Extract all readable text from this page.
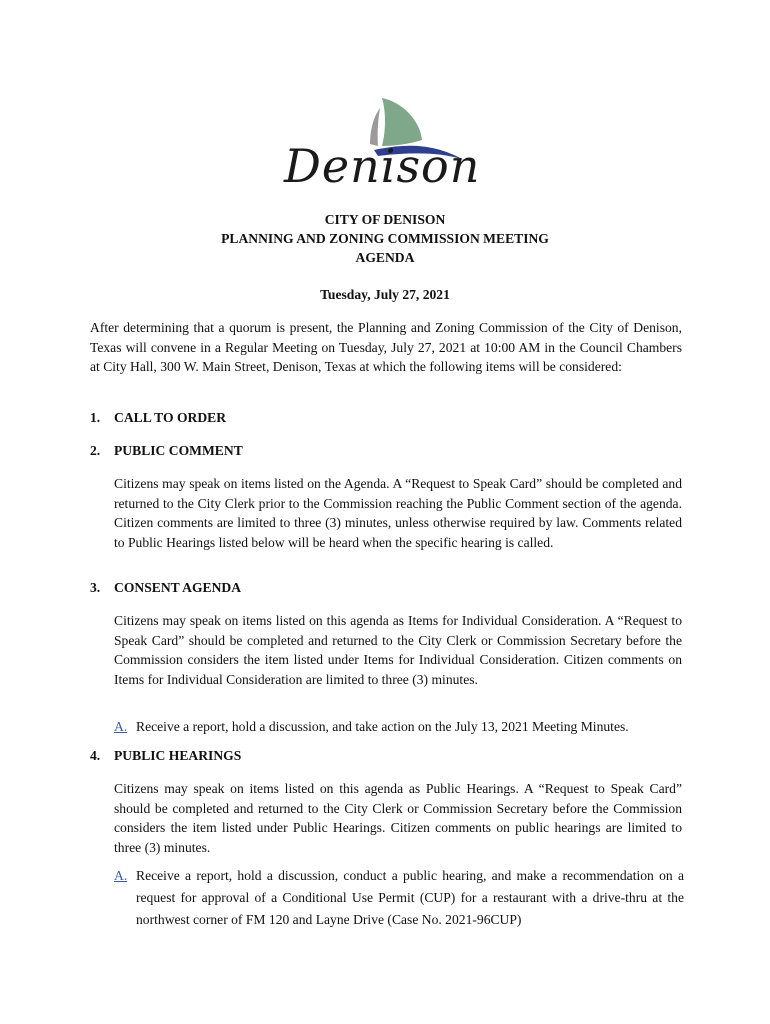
Denison
CITY OF DENISON
PLANNING AND ZONING COMMISSION MEETING
AGENDA
Tuesday, July 27, 2021
After determining that a quorum is present, the Planning and Zoning Commission of the City of Denison, Texas will convene in a Regular Meeting on Tuesday, July 27, 2021 at 10:00 AM in the Council Chambers at City Hall, 300 W. Main Street, Denison, Texas at which the following items will be considered:
1. CALL TO ORDER
2. PUBLIC COMMENT
Citizens may speak on items listed on the Agenda. A “Request to Speak Card” should be completed and returned to the City Clerk prior to the Commission reaching the Public Comment section of the agenda. Citizen comments are limited to three (3) minutes, unless otherwise required by law. Comments related to Public Hearings listed below will be heard when the specific hearing is called.
3. CONSENT AGENDA
Citizens may speak on items listed on this agenda as Items for Individual Consideration. A “Request to Speak Card” should be completed and returned to the City Clerk or Commission Secretary before the Commission considers the item listed under Items for Individual Consideration. Citizen comments on Items for Individual Consideration are limited to three (3) minutes.
A. Receive a report, hold a discussion, and take action on the July 13, 2021 Meeting Minutes.
4. PUBLIC HEARINGS
Citizens may speak on items listed on this agenda as Public Hearings. A “Request to Speak Card” should be completed and returned to the City Clerk or Commission Secretary before the Commission considers the item listed under Public Hearings. Citizen comments on public hearings are limited to three (3) minutes.
A. Receive a report, hold a discussion, conduct a public hearing, and make a recommendation on a request for approval of a Conditional Use Permit (CUP) for a restaurant with a drive-thru at the northwest corner of FM 120 and Layne Drive (Case No. 2021-96CUP)
